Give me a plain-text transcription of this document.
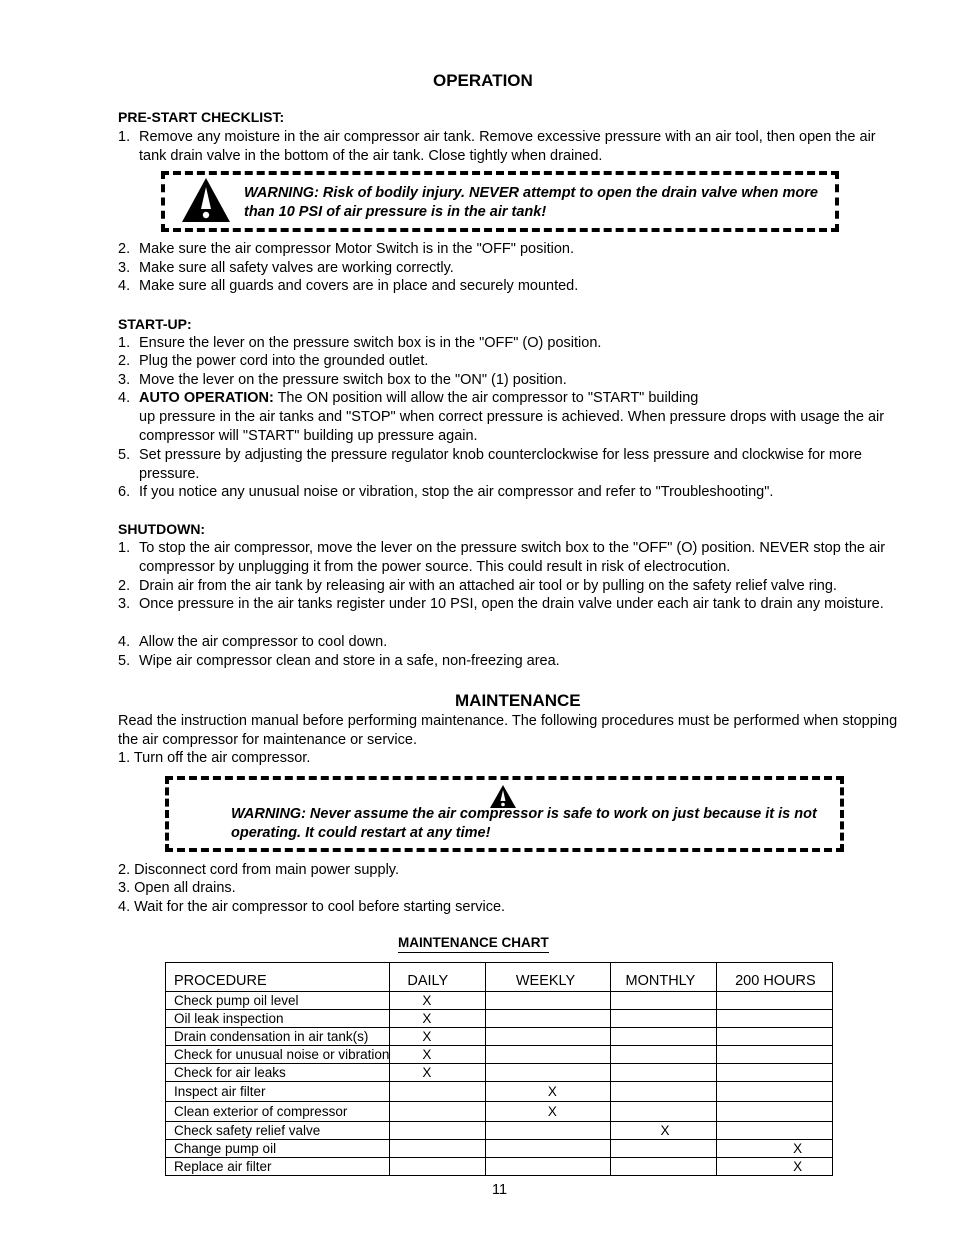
OPERATION
PRE-START CHECKLIST:
1. Remove any moisture in the air compressor air tank. Remove excessive pressure with an air tool, then open the air tank drain valve in the bottom of the air tank. Close tightly when drained.
WARNING: Risk of bodily injury. NEVER attempt to open the drain valve when more than 10 PSI of air pressure is in the air tank!
2. Make sure the air compressor Motor Switch is in the "OFF" position.
3. Make sure all safety valves are working correctly.
4. Make sure all guards and covers are in place and securely mounted.
START-UP:
1. Ensure the lever on the pressure switch box is in the "OFF" (O) position.
2. Plug the power cord into the grounded outlet.
3. Move the lever on the pressure switch box to the "ON" (1) position.
4. AUTO OPERATION: The ON position will allow the air compressor to "START" building
up pressure in the air tanks and "STOP" when correct pressure is achieved. When pressure drops with usage the air compressor will "START" building up pressure again.
5. Set pressure by adjusting the pressure regulator knob counterclockwise for less pressure and clockwise for more pressure.
6. If you notice any unusual noise or vibration, stop the air compressor and refer to "Troubleshooting".
SHUTDOWN:
1. To stop the air compressor, move the lever on the pressure switch box to the "OFF" (O) position. NEVER stop the air compressor by unplugging it from the power source. This could result in risk of electrocution.
2. Drain air from the air tank by releasing air with an attached air tool or by pulling on the safety relief valve ring.
3. Once pressure in the air tanks register under 10 PSI, open the drain valve under each air tank to drain any moisture.
4. Allow the air compressor to cool down.
5. Wipe air compressor clean and store in a safe, non-freezing area.
MAINTENANCE
Read the instruction manual before performing maintenance. The following procedures must be performed when stopping the air compressor for maintenance or service.
1. Turn off the air compressor.
WARNING: Never assume the air compressor is safe to work on just because it is not operating. It could restart at any time!
2. Disconnect cord from main power supply.
3. Open all drains.
4. Wait for the air compressor to cool before starting service.
MAINTENANCE CHART
PROCEDURE	DAILY	WEEKLY	MONTHLY	200 HOURS
Check pump oil level	X			
Oil leak inspection	X			
Drain condensation in air tank(s)	X			
Check for unusual noise or vibration	X			
Check for air leaks	X			
Inspect air filter		X		
Clean exterior of compressor		X		
Check safety relief valve			X	
Change pump oil				X
Replace air filter				X
11
